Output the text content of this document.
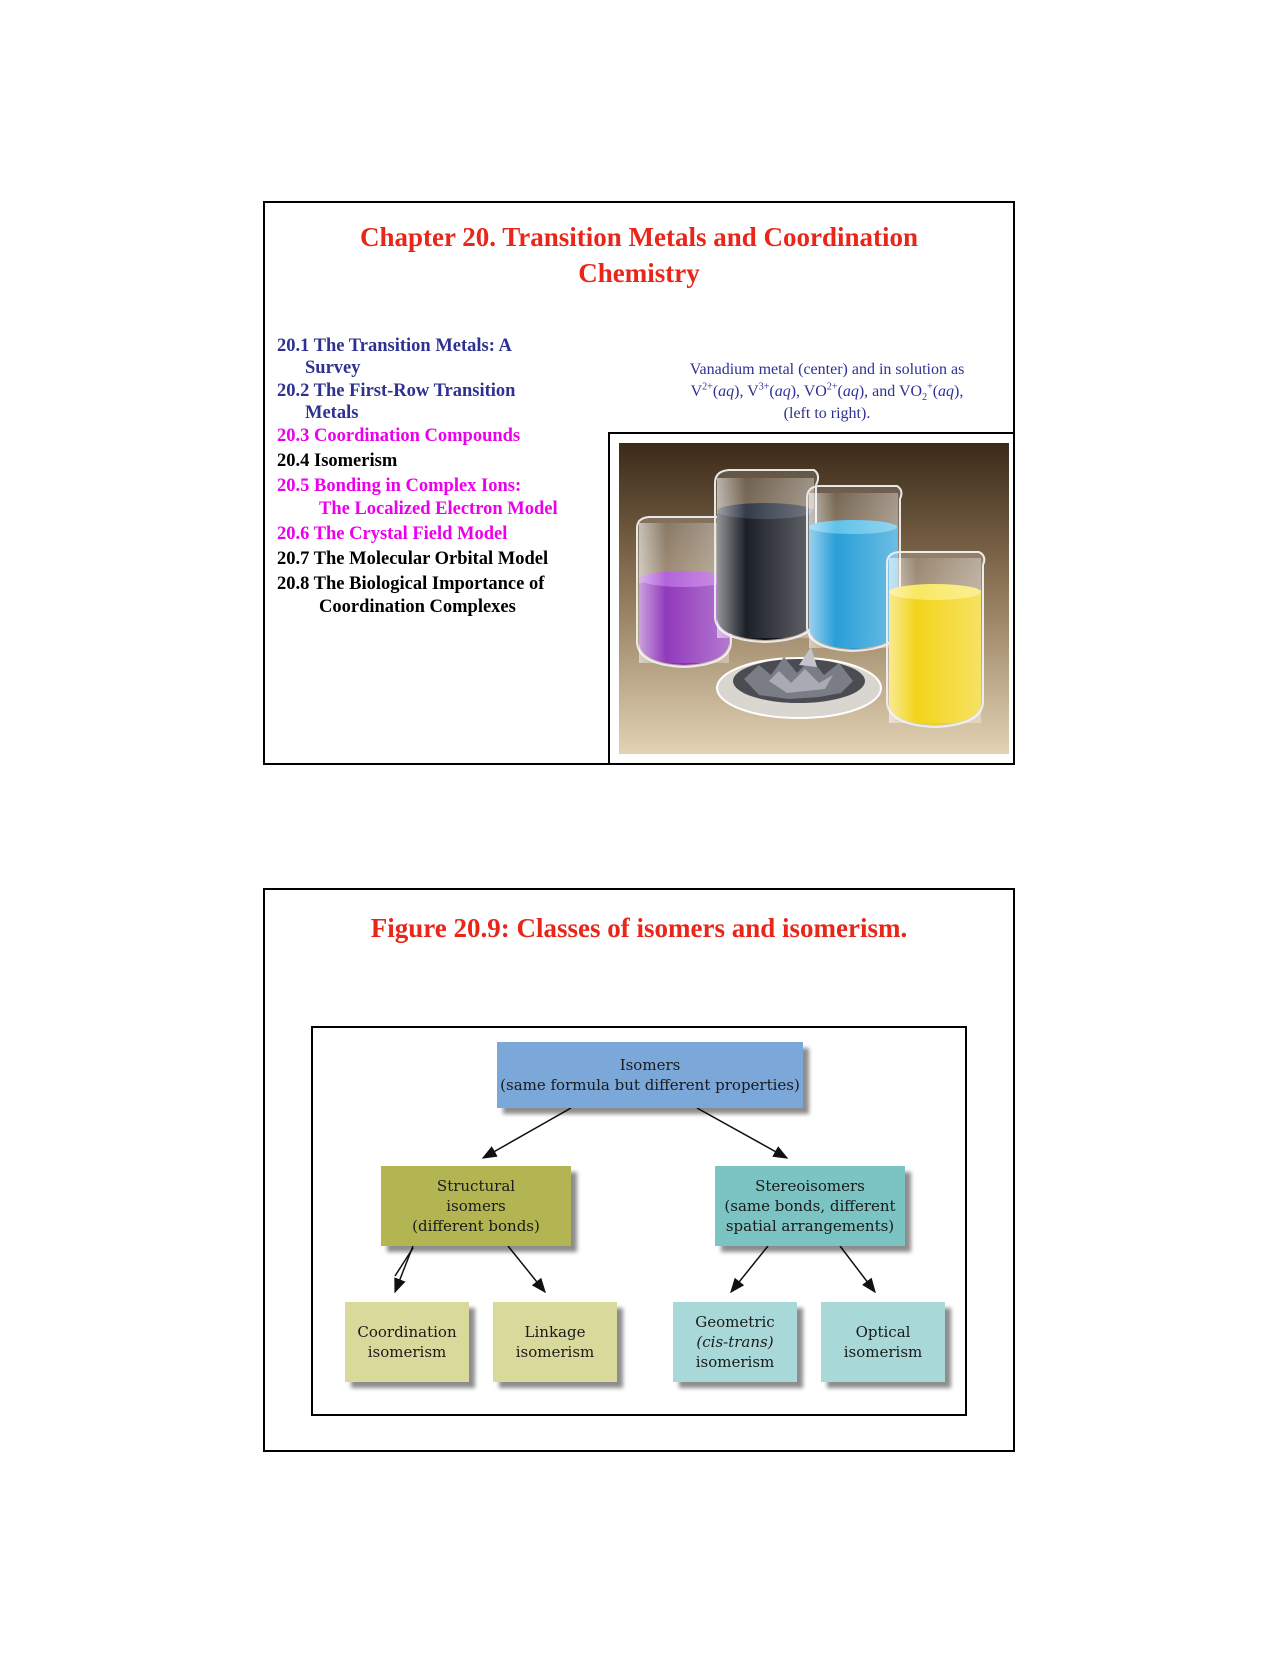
Chapter 20. Transition Metals and Coordination
Chemistry
20.1 The Transition Metals: A
Survey
20.2 The First-Row Transition
Metals
20.3 Coordination Compounds
20.4 Isomerism
20.5 Bonding in Complex Ions:
The Localized Electron Model
20.6 The Crystal Field Model
20.7 The Molecular Orbital Model
20.8 The Biological Importance of
Coordination Complexes
Vanadium metal (center) and in solution as
$V^{2+}(aq)$, $V^{3+}(aq)$, $VO^{2+}(aq)$, and $VO_2^+(aq)$,
(left to right).
Figure 20.9: Classes of isomers and isomerism.
Isomers
(same formula but different properties)
Structural
isomers
(different bonds)
Stereoisomers
(same bonds, different
spatial arrangements)
Coordination
isomerism
Linkage
isomerism
Geometric
(cis-trans)
isomerism
Optical
isomerism
